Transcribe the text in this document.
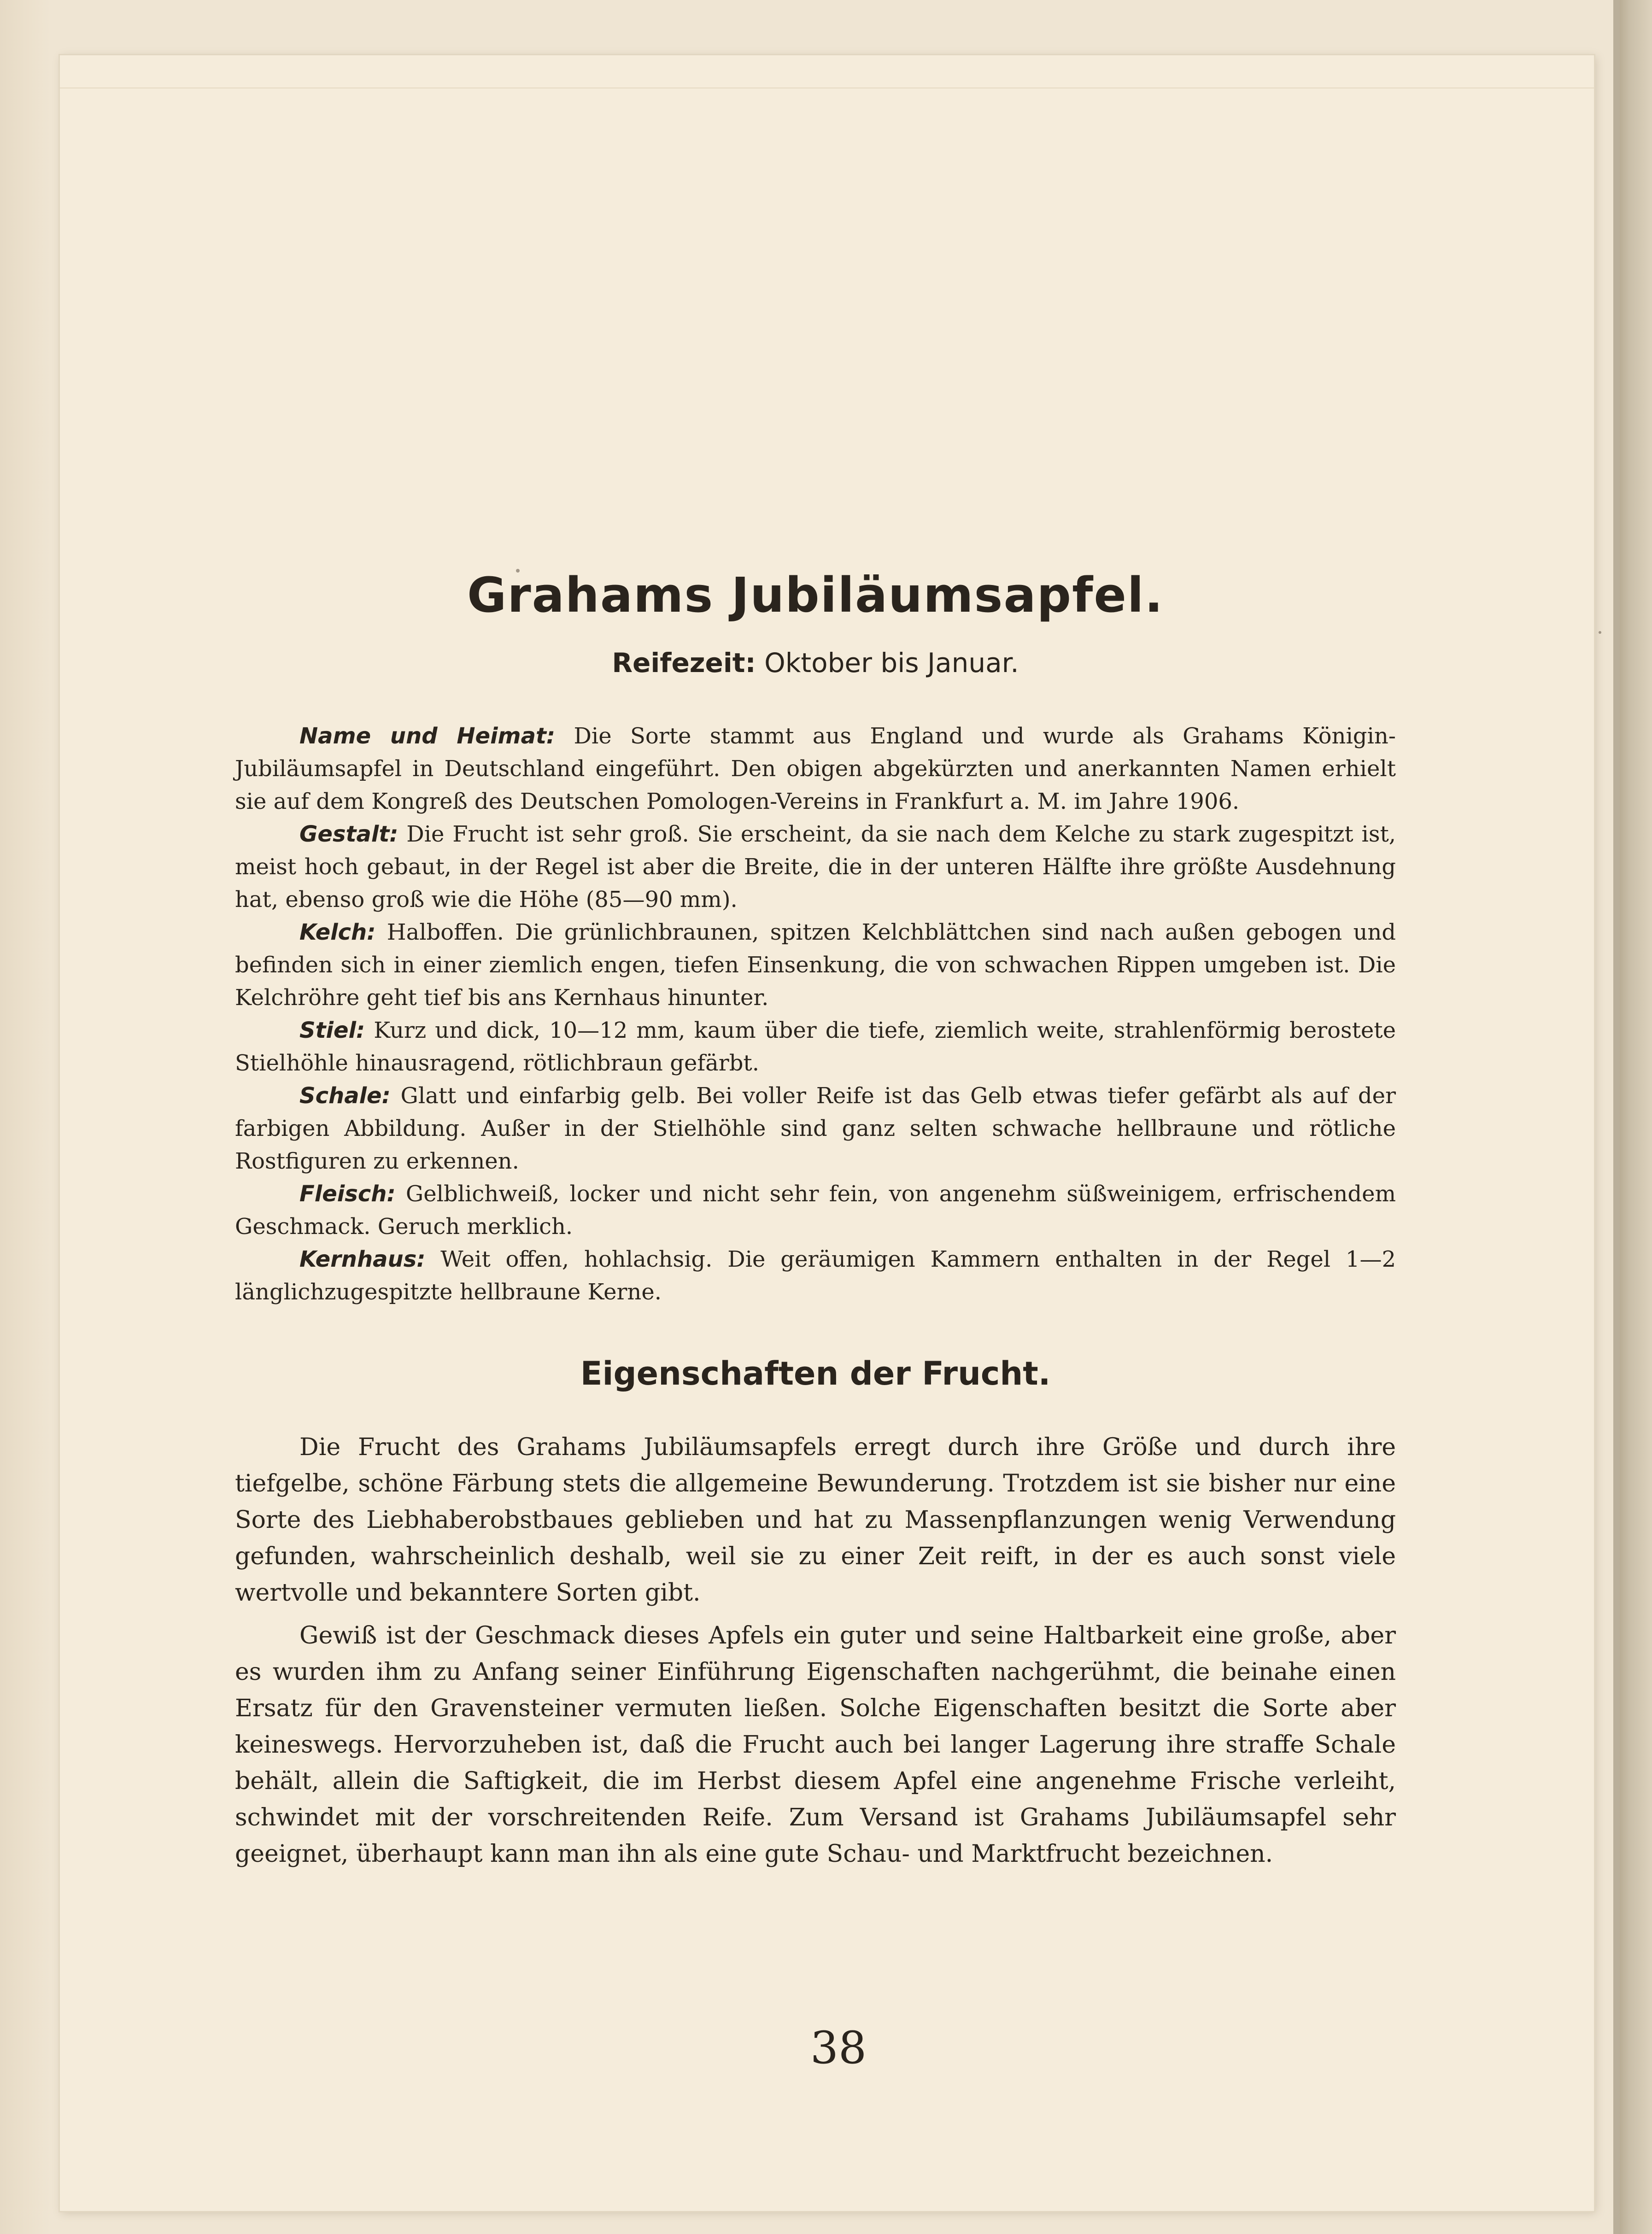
Grahams Jubiläumsapfel.
Reifezeit: Oktober bis Januar.

Name und Heimat: Die Sorte stammt aus England und wurde als Grahams Königin-Jubiläumsapfel in Deutschland eingeführt. Den obigen abgekürzten und anerkannten Namen erhielt sie auf dem Kongreß des Deutschen Pomologen-Vereins in Frankfurt a. M. im Jahre 1906.

Gestalt: Die Frucht ist sehr groß. Sie erscheint, da sie nach dem Kelche zu stark zugespitzt ist, meist hoch gebaut, in der Regel ist aber die Breite, die in der unteren Hälfte ihre größte Ausdehnung hat, ebenso groß wie die Höhe (85—90 mm).

Kelch: Halboffen. Die grünlichbraunen, spitzen Kelchblättchen sind nach außen gebogen und befinden sich in einer ziemlich engen, tiefen Einsenkung, die von schwachen Rippen umgeben ist. Die Kelchröhre geht tief bis ans Kernhaus hinunter.

Stiel: Kurz und dick, 10—12 mm, kaum über die tiefe, ziemlich weite, strahlenförmig berostete Stielhöhle hinausragend, rötlichbraun gefärbt.

Schale: Glatt und einfarbig gelb. Bei voller Reife ist das Gelb etwas tiefer gefärbt als auf der farbigen Abbildung. Außer in der Stielhöhle sind ganz selten schwache hellbraune und rötliche Rostfiguren zu erkennen.

Fleisch: Gelblichweiß, locker und nicht sehr fein, von angenehm süßweinigem, erfrischendem Geschmack. Geruch merklich.

Kernhaus: Weit offen, hohlachsig. Die geräumigen Kammern enthalten in der Regel 1—2 länglichzugespitzte hellbraune Kerne.

Eigenschaften der Frucht.

Die Frucht des Grahams Jubiläumsapfels erregt durch ihre Größe und durch ihre tiefgelbe, schöne Färbung stets die allgemeine Bewunderung. Trotzdem ist sie bisher nur eine Sorte des Liebhaberobstbaues geblieben und hat zu Massenpflanzungen wenig Verwendung gefunden, wahrscheinlich deshalb, weil sie zu einer Zeit reift, in der es auch sonst viele wertvolle und bekanntere Sorten gibt.

Gewiß ist der Geschmack dieses Apfels ein guter und seine Haltbarkeit eine große, aber es wurden ihm zu Anfang seiner Einführung Eigenschaften nachgerühmt, die beinahe einen Ersatz für den Gravensteiner vermuten ließen. Solche Eigenschaften besitzt die Sorte aber keineswegs. Hervorzuheben ist, daß die Frucht auch bei langer Lagerung ihre straffe Schale behält, allein die Saftigkeit, die im Herbst diesem Apfel eine angenehme Frische verleiht, schwindet mit der vorschreitenden Reife. Zum Versand ist Grahams Jubiläumsapfel sehr geeignet, überhaupt kann man ihn als eine gute Schau- und Marktfrucht bezeichnen.

38
